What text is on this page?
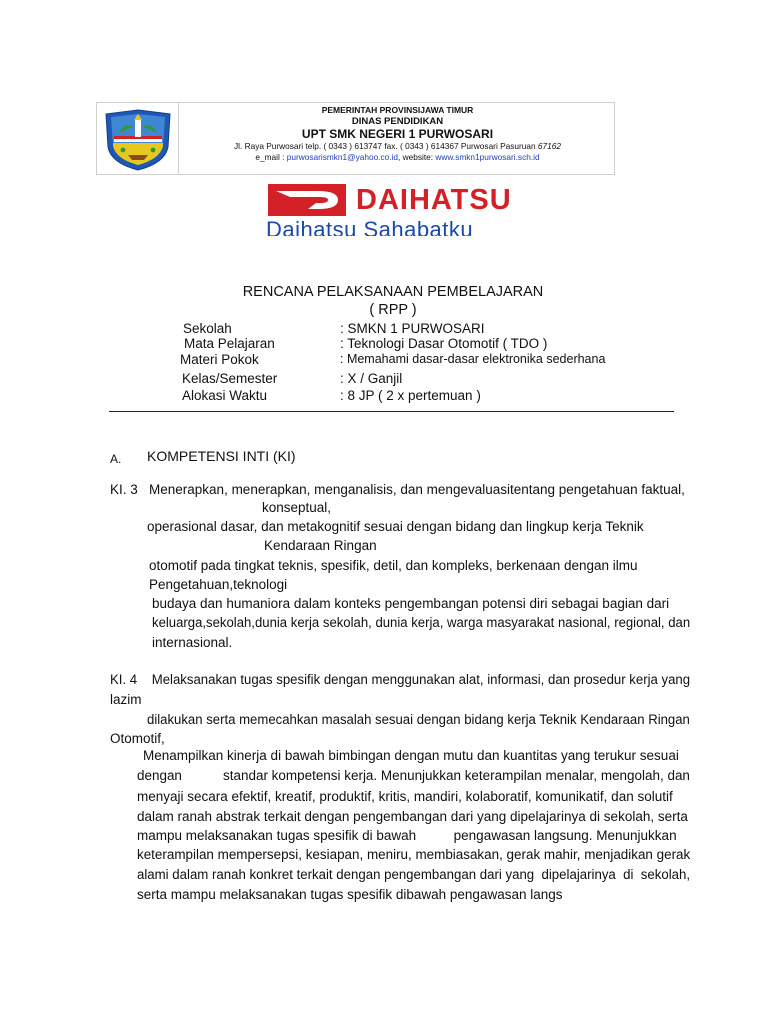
PEMERINTAH PROVINSIJAWA TIMUR
DINAS PENDIDIKAN
UPT SMK NEGERI 1 PURWOSARI
Jl. Raya Purwosari telp. ( 0343 ) 613747 fax. ( 0343 ) 614367 Purwosari Pasuruan 67162
e_mail : purwosarismkn1@yahoo.co.id, website: www.smkn1purwosari.sch.id
DAIHATSU
Daihatsu Sahabatku
RENCANA PELAKSANAAN PEMBELAJARAN
( RPP )
Sekolah	: SMKN 1 PURWOSARI
Mata Pelajaran	: Teknologi Dasar Otomotif ( TDO )
Materi Pokok	: Memahami dasar-dasar elektronika sederhana
Kelas/Semester	: X / Ganjil
Alokasi Waktu	: 8 JP ( 2 x pertemuan )
A. KOMPETENSI INTI (KI)
KI. 3   Menerapkan, menerapkan, menganalisis, dan mengevaluasitentang pengetahuan faktual,
konseptual,
operasional dasar, dan metakognitif sesuai dengan bidang dan lingkup kerja Teknik
Kendaraan Ringan
otomotif pada tingkat teknis, spesifik, detil, dan kompleks, berkenaan dengan ilmu
Pengetahuan,teknologi
budaya dan humaniora dalam konteks pengembangan potensi diri sebagai bagian dari
keluarga,sekolah,dunia kerja sekolah, dunia kerja, warga masyarakat nasional, regional, dan
internasional.
KI. 4    Melaksanakan tugas spesifik dengan menggunakan alat, informasi, dan prosedur kerja yang
lazim
dilakukan serta memecahkan masalah sesuai dengan bidang kerja Teknik Kendaraan Ringan
Otomotif,
Menampilkan kinerja di bawah bimbingan dengan mutu dan kuantitas yang terukur sesuai
dengan           standar kompetensi kerja. Menunjukkan keterampilan menalar, mengolah, dan
menyaji secara efektif, kreatif, produktif, kritis, mandiri, kolaboratif, komunikatif, dan solutif
dalam ranah abstrak terkait dengan pengembangan dari yang dipelajarinya di sekolah, serta
mampu melaksanakan tugas spesifik di bawah          pengawasan langsung. Menunjukkan
keterampilan mempersepsi, kesiapan, meniru, membiasakan, gerak mahir, menjadikan gerak
alami dalam ranah konkret terkait dengan pengembangan dari yang  dipelajarinya  di  sekolah,
serta mampu melaksanakan tugas spesifik dibawah pengawasan langs
